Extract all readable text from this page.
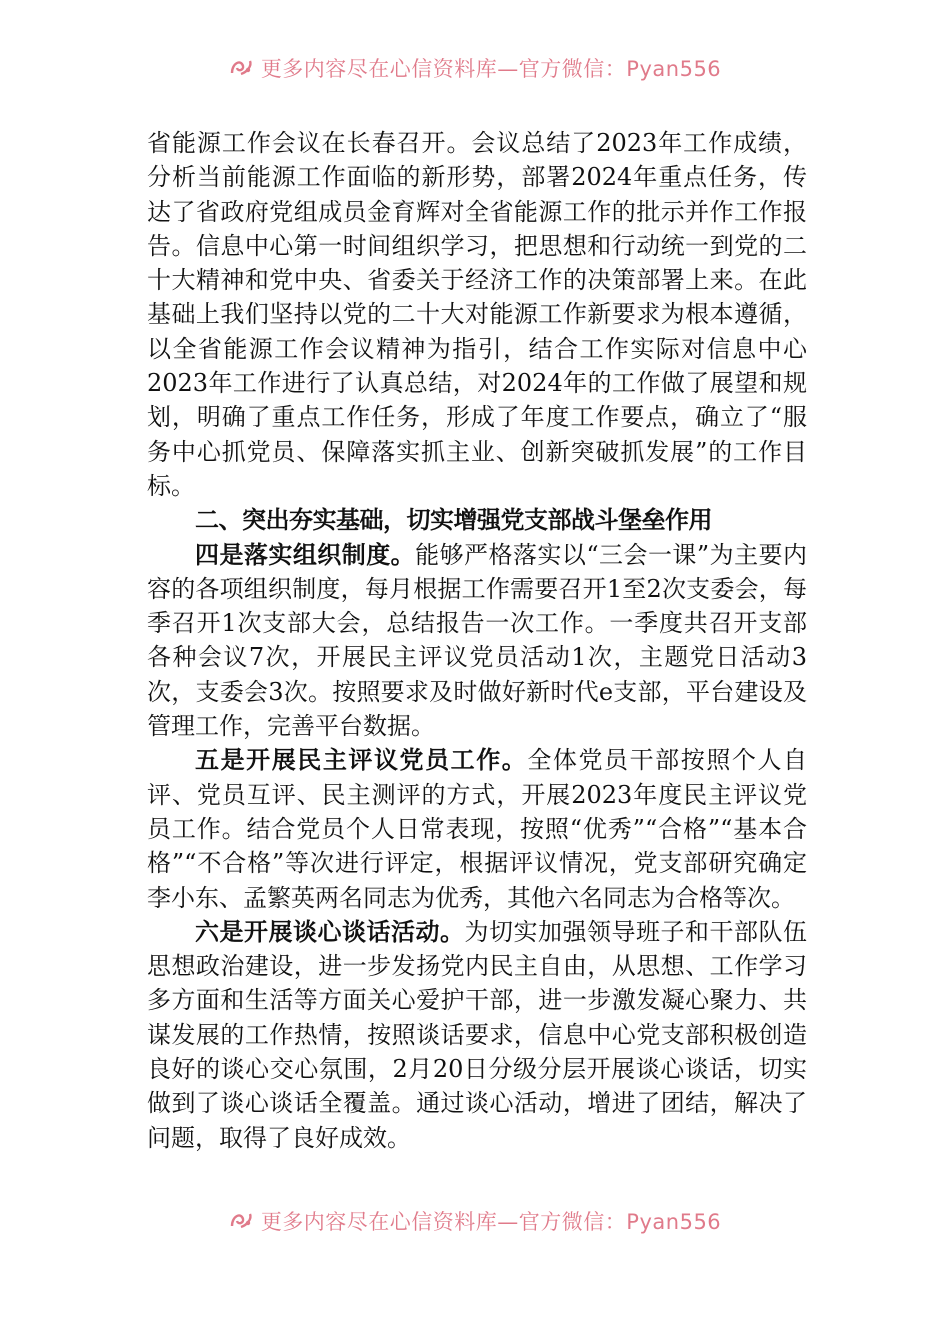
更多内容尽在心信资料库—官方微信：Pyan556

省能源工作会议在长春召开。会议总结了2023年工作成绩，分析当前能源工作面临的新形势，部署2024年重点任务，传达了省政府党组成员金育辉对全省能源工作的批示并作工作报告。信息中心第一时间组织学习，把思想和行动统一到党的二十大精神和党中央、省委关于经济工作的决策部署上来。在此基础上我们坚持以党的二十大对能源工作新要求为根本遵循，以全省能源工作会议精神为指引，结合工作实际对信息中心2023年工作进行了认真总结，对2024年的工作做了展望和规划，明确了重点工作任务，形成了年度工作要点，确立了“服务中心抓党员、保障落实抓主业、创新突破抓发展”的工作目标。

二、突出夯实基础，切实增强党支部战斗堡垒作用

四是落实组织制度。能够严格落实以“三会一课”为主要内容的各项组织制度，每月根据工作需要召开1至2次支委会，每季召开1次支部大会，总结报告一次工作。一季度共召开支部各种会议7次，开展民主评议党员活动1次，主题党日活动3次，支委会3次。按照要求及时做好新时代e支部，平台建设及管理工作，完善平台数据。

五是开展民主评议党员工作。全体党员干部按照个人自评、党员互评、民主测评的方式，开展2023年度民主评议党员工作。结合党员个人日常表现，按照“优秀”“合格”“基本合格”“不合格”等次进行评定，根据评议情况，党支部研究确定李小东、孟繁英两名同志为优秀，其他六名同志为合格等次。

六是开展谈心谈话活动。为切实加强领导班子和干部队伍思想政治建设，进一步发扬党内民主自由，从思想、工作学习多方面和生活等方面关心爱护干部，进一步激发凝心聚力、共谋发展的工作热情，按照谈话要求，信息中心党支部积极创造良好的谈心交心氛围，2月20日分级分层开展谈心谈话，切实做到了谈心谈话全覆盖。通过谈心活动，增进了团结，解决了问题，取得了良好成效。

更多内容尽在心信资料库—官方微信：Pyan556
